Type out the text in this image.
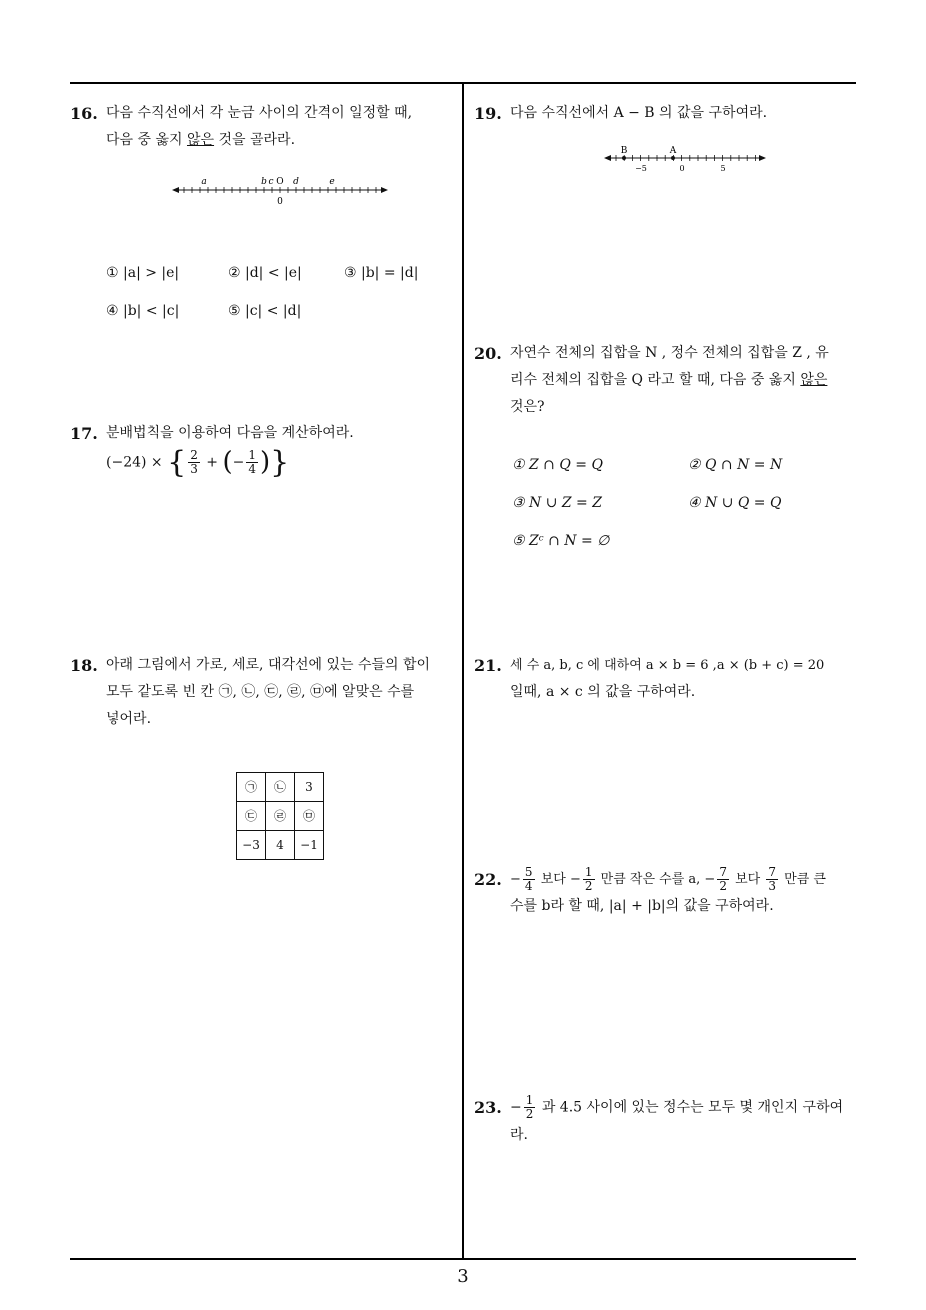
16. 다음 수직선에서 각 눈금 사이의 간격이 일정할 때,
다음 중 옳지 않은 것을 골라라.
a	b c O d	e
0
① |a| > |e|	② |d| < |e|	③ |b| = |d|
④ |b| < |c|	⑤ |c| < |d|
17. 분배법칙을 이용하여 다음을 계산하여라.
(−24) × { $\frac{2}{3}$ + (− $\frac{1}{4}$ )}
18. 아래 그림에서 가로, 세로, 대각선에 있는 수들의 합이
모두 같도록 빈 칸 ㉠, ㉡, ㉢, ㉣, ㉤에 알맞은 수를
넣어라.
㉠	㉡	3
㉢	㉣	㉤
−3	4	−1
19. 다음 수직선에서 A − B 의 값을 구하여라.
B	A
−5	0	5
20. 자연수 전체의 집합을 N , 정수 전체의 집합을 Z , 유
리수 전체의 집합을 Q 라고 할 때, 다음 중 옳지 않은
것은?
① Z ∩ Q = Q	② Q ∩ N = N
③ N ∪ Z = Z	④ N ∪ Q = Q
⑤ Zᶜ ∩ N = ∅
21. 세 수 a, b, c 에 대하여 a × b = 6 ,a × (b + c) = 20
일때, a × c 의 값을 구하여라.
22. − $\frac{5}{4}$ 보다 − $\frac{1}{2}$ 만큼 작은 수를 a, − $\frac{7}{2}$ 보다 $\frac{7}{3}$ 만큼 큰
수를 b라 할 때, |a| + |b|의 값을 구하여라.
23. − $\frac{1}{2}$ 과 4.5 사이에 있는 정수는 모두 몇 개인지 구하여
라.
3
